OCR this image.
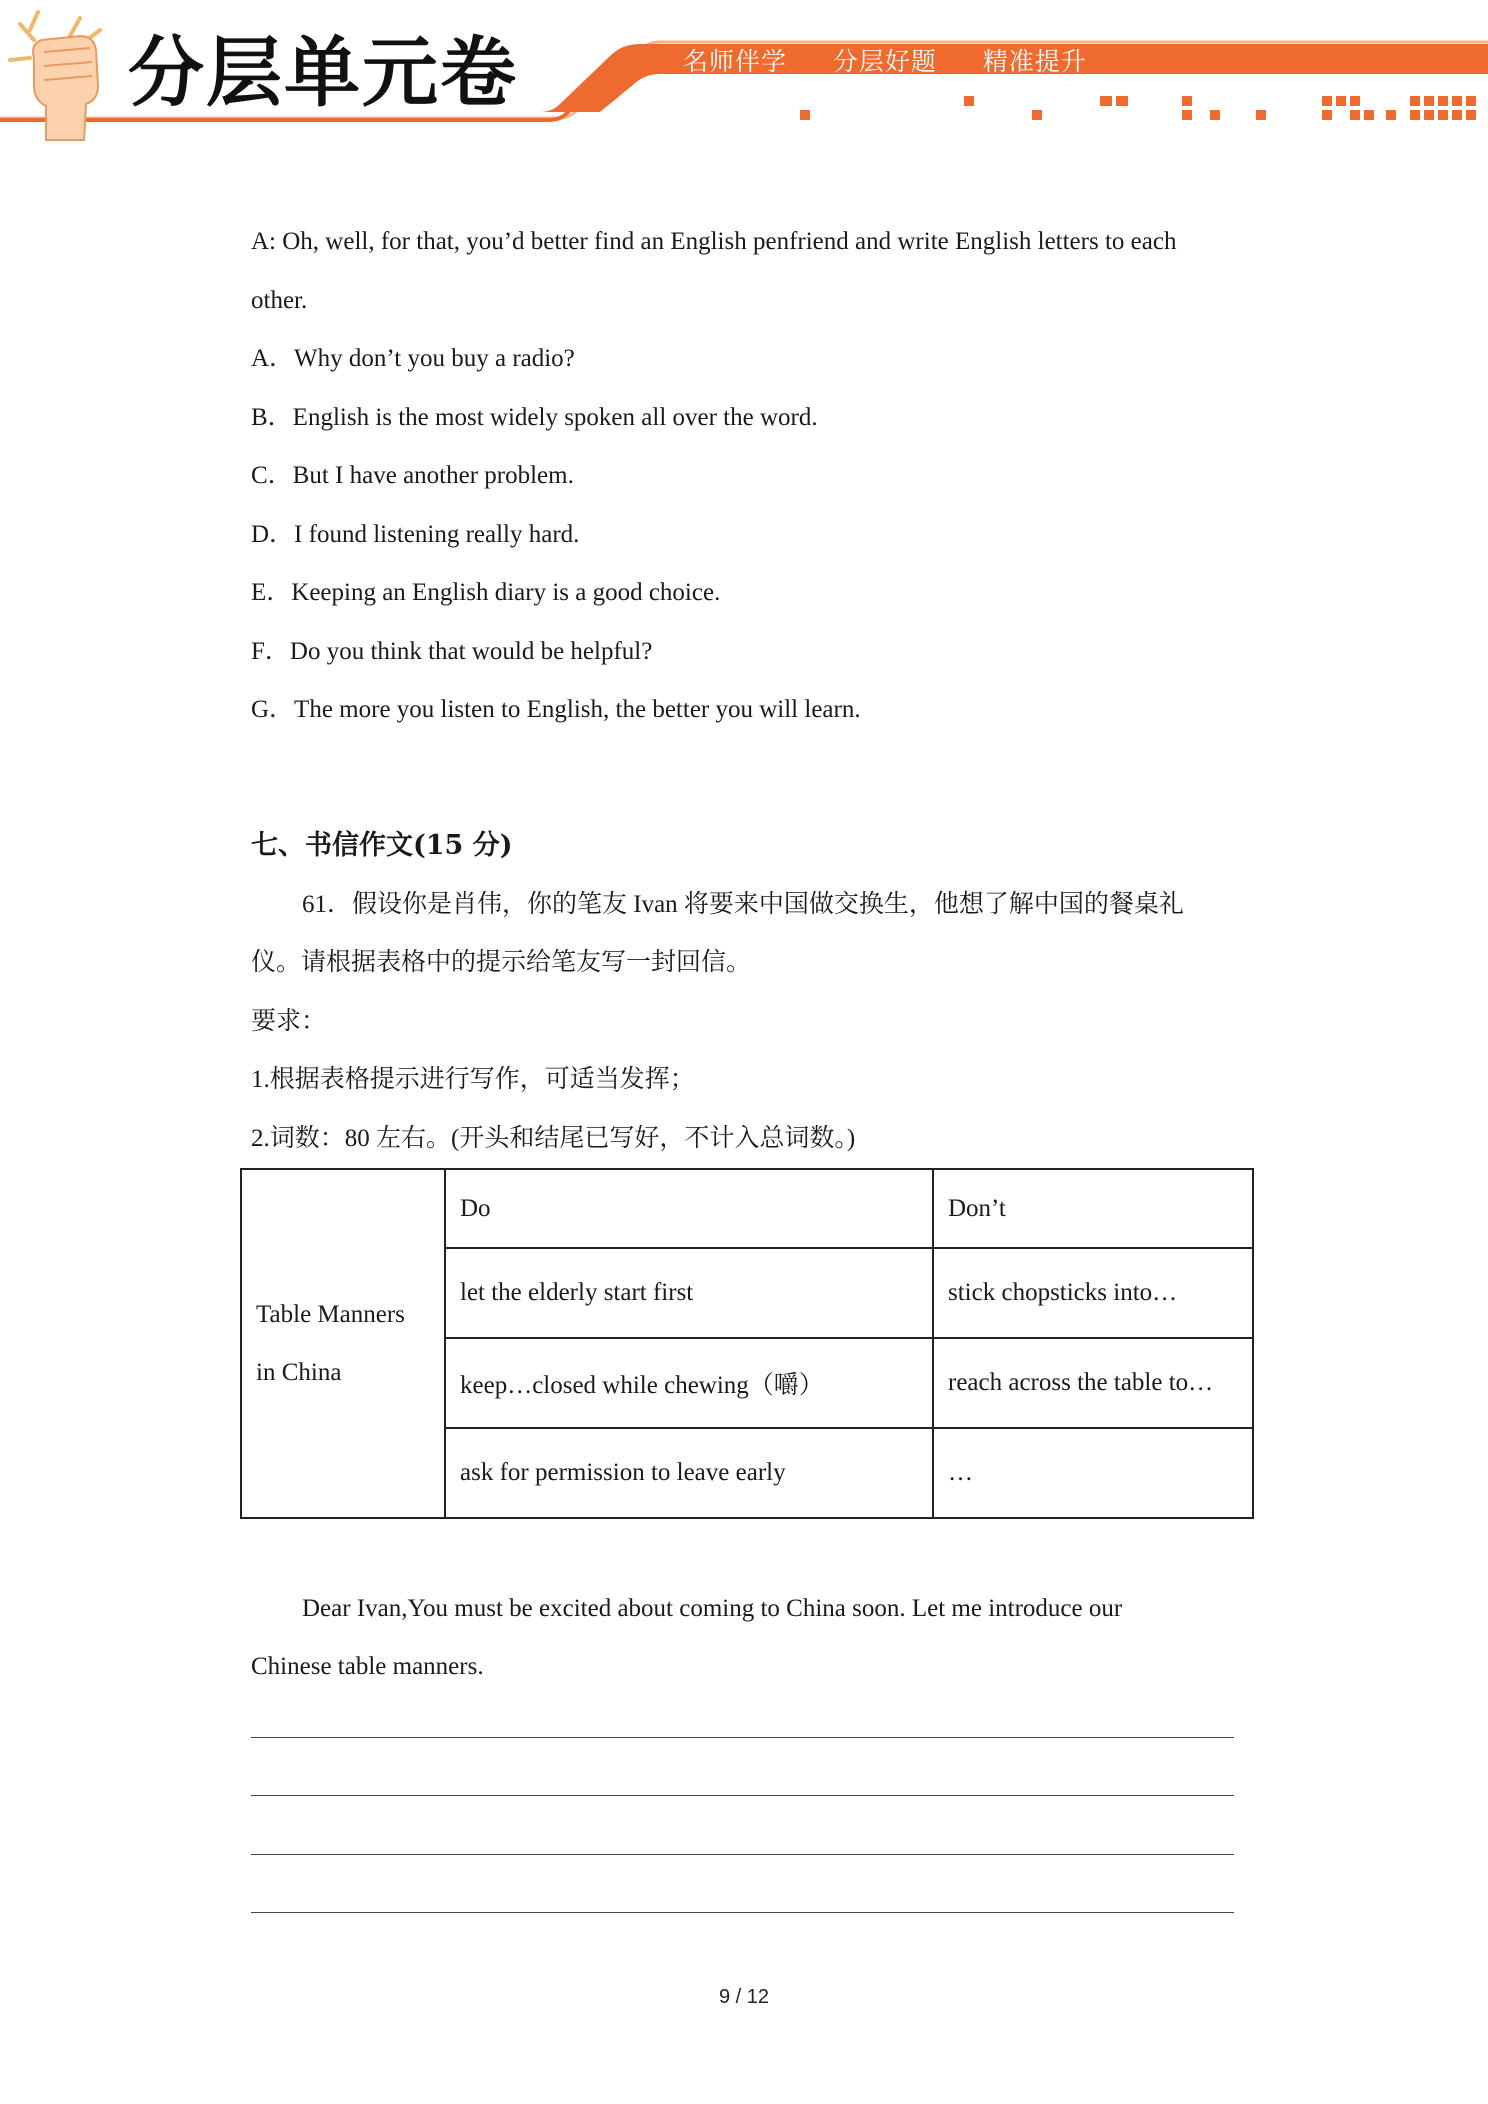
分层单元卷	名师伴学  分层好题  精准提升
A: Oh, well, for that, you’d better find an English penfriend and write English letters to each
other.
A．Why don’t you buy a radio?
B．English is the most widely spoken all over the word.
C．But I have another problem.
D．I found listening really hard.
E．Keeping an English diary is a good choice.
F．Do you think that would be helpful?
G．The more you listen to English, the better you will learn.
七、书信作文(15 分)
61．假设你是肖伟，你的笔友 Ivan 将要来中国做交换生，他想了解中国的餐桌礼
仪。请根据表格中的提示给笔友写一封回信。
要求：
1.根据表格提示进行写作，可适当发挥；
2.词数：80 左右。(开头和结尾已写好，不计入总词数。)
Table Manners
in China	Do	Don’t
	let the elderly start first	stick chopsticks into…
	keep…closed while chewing（嚼）	reach across the table to…
	ask for permission to leave early	…
Dear Ivan,You must be excited about coming to China soon. Let me introduce our
Chinese table manners.
9 / 12
